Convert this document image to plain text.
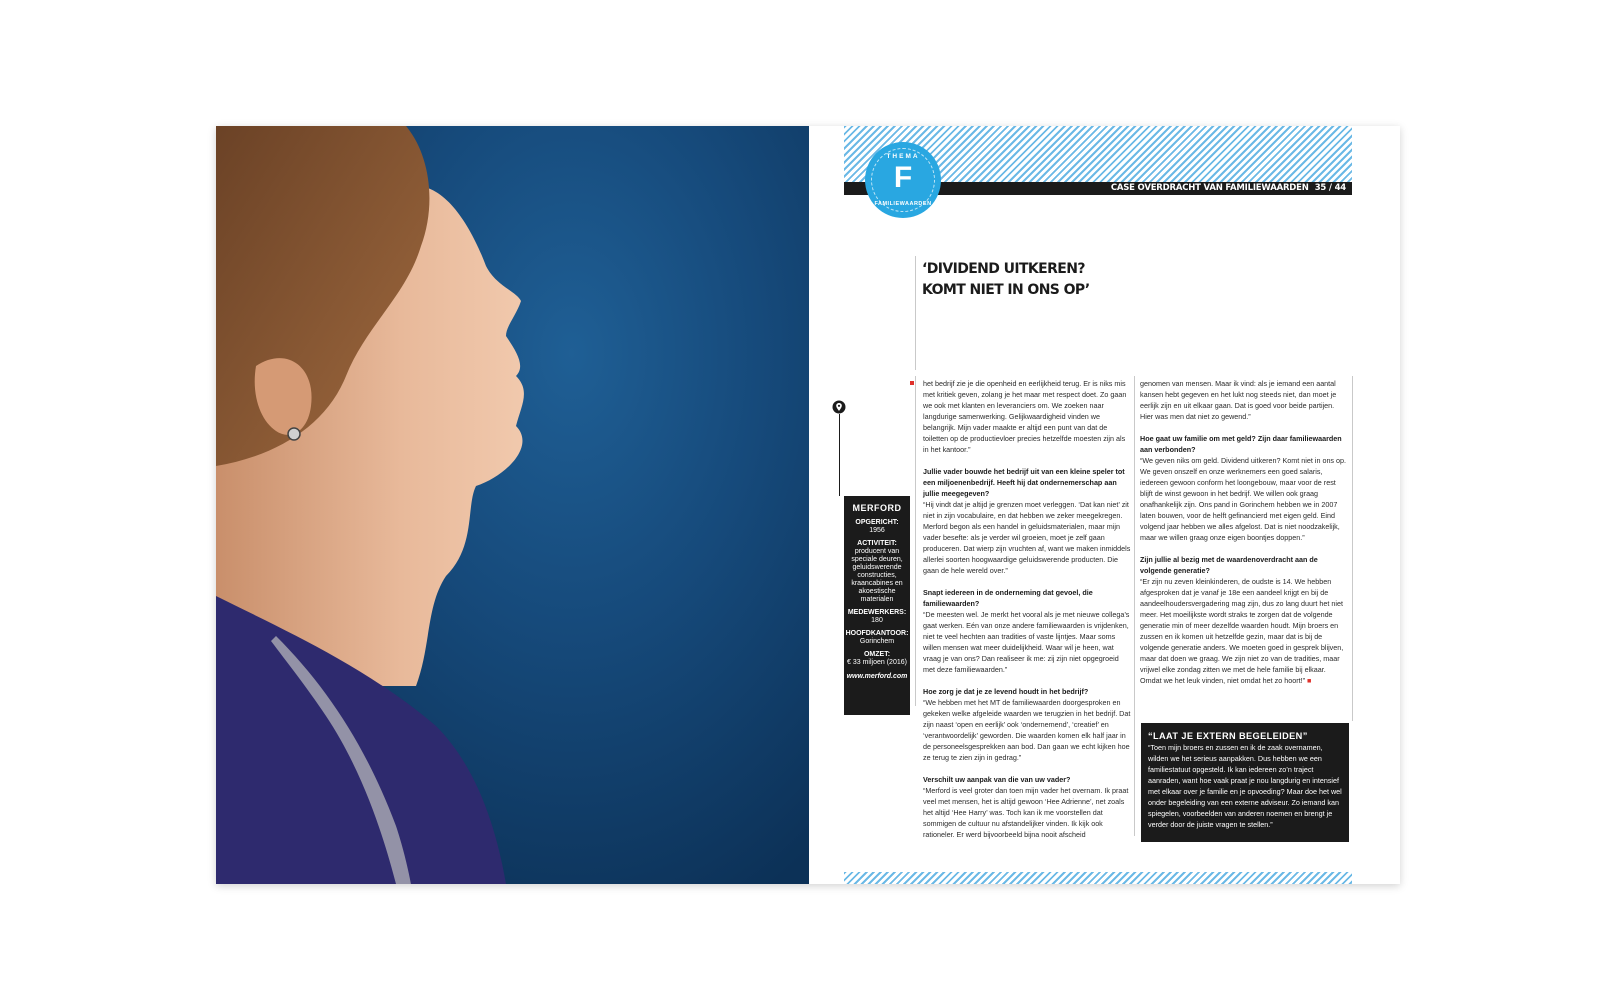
CASE OVERDRACHT VAN FAMILIEWAARDEN 35 / 44
THEMA
F
FAMILIEWAARDEN
‘DIVIDEND UITKEREN?
KOMT NIET IN ONS OP’
MERFORD
OPGERICHT:
1956
ACTIVITEIT:
producent van speciale deuren, geluidswerende constructies, kraancabines en akoestische materialen
MEDEWERKERS:
180
HOOFDKANTOOR:
Gorinchem
OMZET:
€ 33 miljoen (2016)
www.merford.com

het bedrijf zie je die openheid en eerlijkheid terug. Er is niks mis met kritiek geven, zolang je het maar met respect doet. Zo gaan we ook met klanten en leveranciers om. We zoeken naar langdurige samenwerking. Gelijkwaardigheid vinden we belangrijk. Mijn vader maakte er altijd een punt van dat de toiletten op de productievloer precies hetzelfde moesten zijn als in het kantoor.”

Jullie vader bouwde het bedrijf uit van een kleine speler tot een miljoenenbedrijf. Heeft hij dat ondernemerschap aan jullie meegegeven?
“Hij vindt dat je altijd je grenzen moet verleggen. ‘Dat kan niet’ zit niet in zijn vocabulaire, en dat hebben we zeker meegekregen. Merford begon als een handel in geluidsmaterialen, maar mijn vader besefte: als je verder wil groeien, moet je zelf gaan produceren. Dat wierp zijn vruchten af, want we maken inmiddels allerlei soorten hoogwaardige geluidswerende producten. Die gaan de hele wereld over.”

Snapt iedereen in de onderneming dat gevoel, die familiewaarden?
“De meesten wel. Je merkt het vooral als je met nieuwe collega’s gaat werken. Eén van onze andere familiewaarden is vrijdenken, niet te veel hechten aan tradities of vaste lijntjes. Maar soms willen mensen wat meer duidelijkheid. Waar wil je heen, wat vraag je van ons? Dan realiseer ik me: zij zijn niet opgegroeid met deze familiewaarden.”

Hoe zorg je dat je ze levend houdt in het bedrijf?
“We hebben met het MT de familiewaarden doorgesproken en gekeken welke afgeleide waarden we terugzien in het bedrijf. Dat zijn naast ‘open en eerlijk’ ook ‘ondernemend’, ‘creatief’ en ‘verantwoordelijk’ geworden. Die waarden komen elk half jaar in de personeelsgesprekken aan bod. Dan gaan we echt kijken hoe ze terug te zien zijn in gedrag.”

Verschilt uw aanpak van die van uw vader?
“Merford is veel groter dan toen mijn vader het overnam. Ik praat veel met mensen, het is altijd gewoon ‘Hee Adrienne’, net zoals het altijd ‘Hee Harry’ was. Toch kan ik me voorstellen dat sommigen de cultuur nu afstandelijker vinden. Ik kijk ook rationeler. Er werd bijvoorbeeld bijna nooit afscheid

genomen van mensen. Maar ik vind: als je iemand een aantal kansen hebt gegeven en het lukt nog steeds niet, dan moet je eerlijk zijn en uit elkaar gaan. Dat is goed voor beide partijen. Hier was men dat niet zo gewend.”

Hoe gaat uw familie om met geld? Zijn daar familiewaarden aan verbonden?
“We geven niks om geld. Dividend uitkeren? Komt niet in ons op. We geven onszelf en onze werknemers een goed salaris, iedereen gewoon conform het loongebouw, maar voor de rest blijft de winst gewoon in het bedrijf. We willen ook graag onafhankelijk zijn. Ons pand in Gorinchem hebben we in 2007 laten bouwen, voor de helft gefinancierd met eigen geld. Eind volgend jaar hebben we alles afgelost. Dat is niet noodzakelijk, maar we willen graag onze eigen boontjes doppen.”

Zijn jullie al bezig met de waardenoverdracht aan de volgende generatie?
“Er zijn nu zeven kleinkinderen, de oudste is 14. We hebben afgesproken dat je vanaf je 18e een aandeel krijgt en bij de aandeelhoudersvergadering mag zijn, dus zo lang duurt het niet meer. Het moeilijkste wordt straks te zorgen dat de volgende generatie min of meer dezelfde waarden houdt. Mijn broers en zussen en ik komen uit hetzelfde gezin, maar dat is bij de volgende generatie anders. We moeten goed in gesprek blijven, maar dat doen we graag. We zijn niet zo van de tradities, maar vrijwel elke zondag zitten we met de hele familie bij elkaar. Omdat we het leuk vinden, niet omdat het zo hoort!” ■

“LAAT JE EXTERN BEGELEIDEN”
“Toen mijn broers en zussen en ik de zaak overnamen, wilden we het serieus aanpakken. Dus hebben we een familiestatuut opgesteld. Ik kan iedereen zo’n traject aanraden, want hoe vaak praat je nou langdurig en intensief met elkaar over je familie en je opvoeding? Maar doe het wel onder begeleiding van een externe adviseur. Zo iemand kan spiegelen, voorbeelden van anderen noemen en brengt je verder door de juiste vragen te stellen.”
